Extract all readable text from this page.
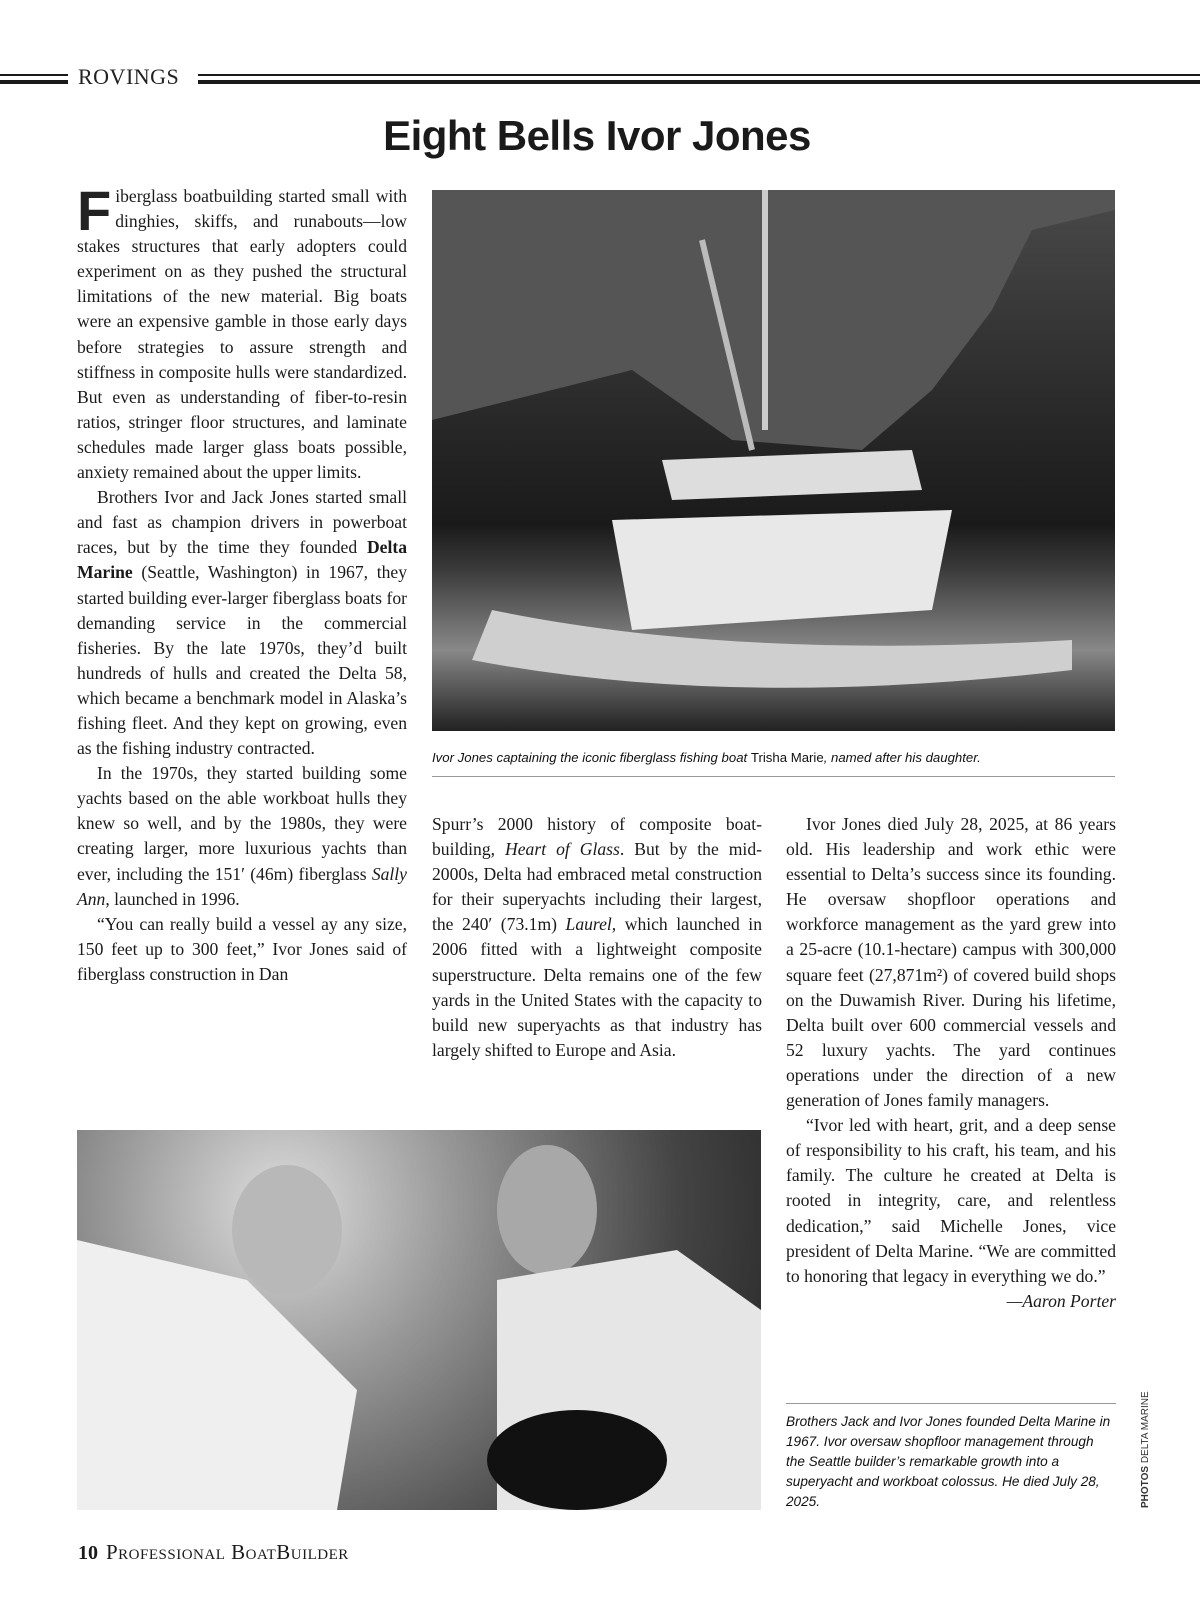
ROVINGS
Eight Bells Ivor Jones

Fiberglass boatbuilding started small with dinghies, skiffs, and runabouts—low stakes structures that early adopters could experiment on as they pushed the structural limitations of the new material. Big boats were an expensive gamble in those early days before strategies to assure strength and stiffness in composite hulls were standardized. But even as understanding of fiber-to-resin ratios, stringer floor structures, and laminate schedules made larger glass boats possible, anxiety remained about the upper limits.

Brothers Ivor and Jack Jones started small and fast as champion drivers in powerboat races, but by the time they founded Delta Marine (Seattle, Washington) in 1967, they started building ever-larger fiberglass boats for demanding service in the commercial fisheries. By the late 1970s, they’d built hundreds of hulls and created the Delta 58, which became a benchmark model in Alaska’s fishing fleet. And they kept on growing, even as the fishing industry contracted.

In the 1970s, they started building some yachts based on the able workboat hulls they knew so well, and by the 1980s, they were creating larger, more luxurious yachts than ever, including the 151′ (46m) fiberglass Sally Ann, launched in 1996.

“You can really build a vessel ay any size, 150 feet up to 300 feet,” Ivor Jones said of fiberglass construction in Dan

Ivor Jones captaining the iconic fiberglass fishing boat Trisha Marie, named after his daughter.

Spurr’s 2000 history of composite boatbuilding, Heart of Glass. But by the mid-2000s, Delta had embraced metal construction for their superyachts including their largest, the 240′ (73.1m) Laurel, which launched in 2006 fitted with a lightweight composite superstructure. Delta remains one of the few yards in the United States with the capacity to build new superyachts as that industry has largely shifted to Europe and Asia.

Ivor Jones died July 28, 2025, at 86 years old. His leadership and work ethic were essential to Delta’s success since its founding. He oversaw shopfloor operations and workforce management as the yard grew into a 25-acre (10.1-hectare) campus with 300,000 square feet (27,871m²) of covered build shops on the Duwamish River. During his lifetime, Delta built over 600 commercial vessels and 52 luxury yachts. The yard continues operations under the direction of a new generation of Jones family managers.

“Ivor led with heart, grit, and a deep sense of responsibility to his craft, his team, and his family. The culture he created at Delta is rooted in integrity, care, and relentless dedication,” said Michelle Jones, vice president of Delta Marine. “We are committed to honoring that legacy in everything we do.”

—Aaron Porter

Brothers Jack and Ivor Jones founded Delta Marine in 1967. Ivor oversaw shopfloor management through the Seattle builder’s remarkable growth into a superyacht and workboat colossus. He died July 28, 2025.	PHOTOS DELTA MARINE
10 Professional BoatBuilder
